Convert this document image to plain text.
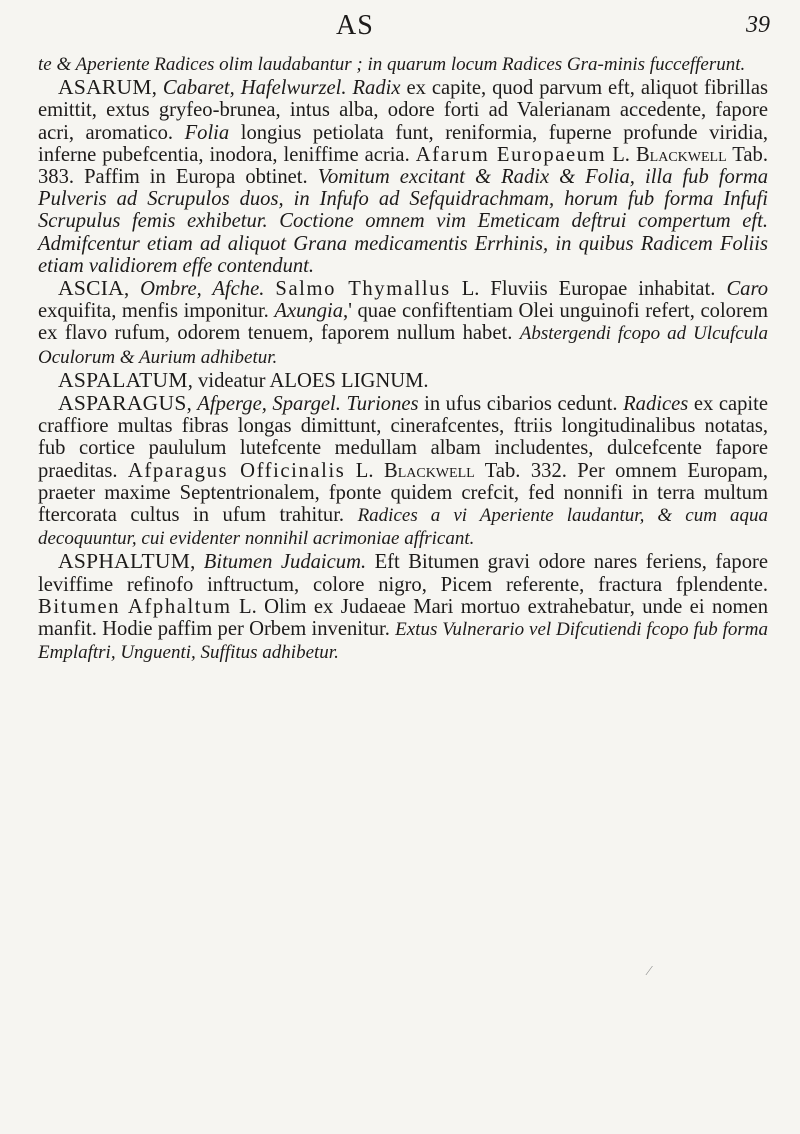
AS	39

te & Aperiente Radices olim laudabantur ; in quarum locum Radices Gra-minis fuccefferunt.

ASARUM, Cabaret, Hafelwurzel. Radix ex capite, quod parvum eft, aliquot fibrillas emittit, extus gryfeo-brunea, intus alba, odore forti ad Valerianam accedente, fapore acri, aromatico. Folia longius petiolata funt, reniformia, fuperne profunde viridia, inferne pubefcentia, inodora, leniffime acria. Afarum Europaeum L. Blackwell Tab. 383. Paffim in Europa obtinet. Vomitum excitant & Radix & Folia, illa fub forma Pulveris ad Scrupulos duos, in Infufo ad Sefquidrachmam, horum fub forma Infufi Scrupulus femis exhibetur. Coctione omnem vim Emeticam deftrui compertum eft. Admifcentur etiam ad aliquot Grana medicamentis Errhinis, in quibus Radicem Foliis etiam validiorem effe contendunt.

ASCIA, Ombre, Afche. Salmo Thymallus L. Fluviis Europae inhabitat. Caro exquifita, menfis imponitur. Axungia,' quae confiftentiam Olei unguinofi refert, colorem ex flavo rufum, odorem tenuem, faporem nullum habet. Abstergendi fcopo ad Ulcufcula Oculorum & Aurium adhibetur.

ASPALATUM, videatur ALOES LIGNUM.

ASPARAGUS, Afperge, Spargel. Turiones in ufus cibarios cedunt. Radices ex capite craffiore multas fibras longas dimittunt, cinerafcentes, ftriis longitudinalibus notatas, fub cortice paululum lutefcente medullam albam includentes, dulcefcente fapore praeditas. Afparagus Officinalis L. Blackwell Tab. 332. Per omnem Europam, praeter maxime Septentrionalem, fponte quidem crefcit, fed nonnifi in terra multum ftercorata cultus in ufum trahitur. Radices a vi Aperiente laudantur, & cum aqua decoquuntur, cui evidenter nonnihil acrimoniae affricant.

ASPHALTUM, Bitumen Judaicum. Eft Bitumen gravi odore nares feriens, fapore leviffime refinofo inftructum, colore nigro, Picem referente, fractura fplendente. Bitumen Afphaltum L. Olim ex Judaeae Mari mortuo extrahebatur, unde ei nomen manfit. Hodie paffim per Orbem invenitur. Extus Vulnerario vel Difcutiendi fcopo fub forma Emplaftri, Unguenti, Suffitus adhibetur.

⁄
